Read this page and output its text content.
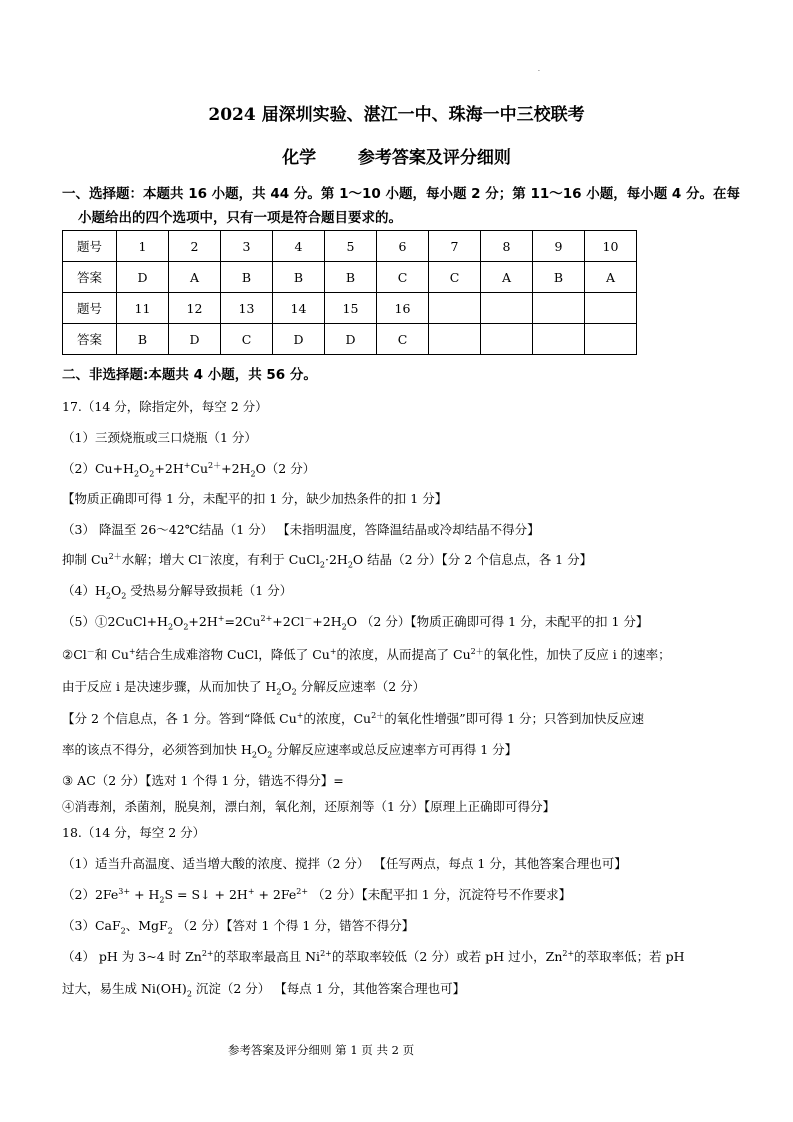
·
2024 届深圳实验、湛江一中、珠海一中三校联考
化学 参考答案及评分细则
一、选择题：本题共 16 小题，共 44 分。第 1～10 小题，每小题 2 分；第 11～16 小题，每小题 4 分。在每
小题给出的四个选项中，只有一项是符合题目要求的。
题号	1	2	3	4	5	6	7	8	9	10
答案	D	A	B	B	B	C	C	A	B	A
题号	11	12	13	14	15	16				
答案	B	D	C	D	D	C				
二、非选择题:本题共 4 小题，共 56 分。
17.（14 分，除指定外，每空 2 分）
（1）三颈烧瓶或三口烧瓶（1 分）
$(2)Cu+H_2O_2+2H^+Cu^{2+}+2H_2O(2$ 分）
【物质正确即可得 1 分，未配平的扣 1 分，缺少加热条件的扣 1 分】
（3） 降温至 26～42℃结晶（1 分） 【未指明温度，答降温结晶或冷却结晶不得分】
抑制 $Cu^{2+}$水解；增大 Cl－浓度，有利于 $CuCl_2\cdot 2H_2O$ 结晶（2 分）【分 2 个信息点，各 1 分】
$(4)H_2O_2$ 受热易分解导致损耗（1 分）
$(5)①2CuCl+H_2O_2+2H^+=2Cu^{2+}+2Cl^-+2H_2O$ （2 分）【物质正确即可得 1 分，未配平的扣 1 分】
②Cl－和 Cu+结合生成难溶物 CuCl，降低了 Cu+的浓度，从而提高了 $Cu^{2+}$的氧化性，加快了反应 i 的速率；
由于反应 i 是决速步骤，从而加快了 $H_2O_2$ 分解反应速率（2 分）
【分 2 个信息点，各 1 分。答到“降低 Cu+的浓度，$Cu^{2+}$的氧化性增强”即可得 1 分；只答到加快反应速
率的该点不得分，必须答到加快 $H_2O_2$ 分解反应速率或总反应速率方可再得 1 分】
③ AC（2 分）【选对 1 个得 1 分，错选不得分】=
④消毒剂，杀菌剂，脱臭剂，漂白剂，氧化剂，还原剂等（1 分）【原理上正确即可得分】
18.（14 分，每空 2 分）
（1）适当升高温度、适当增大酸的浓度、搅拌（2 分） 【任写两点，每点 1 分，其他答案合理也可】
$(2)2Fe^{3+} + H_2S$ = S↓ + $2H^+ + 2Fe^{2+}$ （2 分）【未配平扣 1 分，沉淀符号不作要求】
（3）CaF$_2$、MgF$_2$ （2 分）【答对 1 个得 1 分，错答不得分】
（4） pH 为 3~4 时 $Zn^{2+}$的萃取率最高且 $Ni^{2+}$的萃取率较低（2 分）或若 pH 过小，$Zn^{2+}$的萃取率低；若 pH
过大，易生成 $Ni(OH)_2$ 沉淀（2 分） 【每点 1 分，其他答案合理也可】
参考答案及评分细则 第 1 页 共 2 页
